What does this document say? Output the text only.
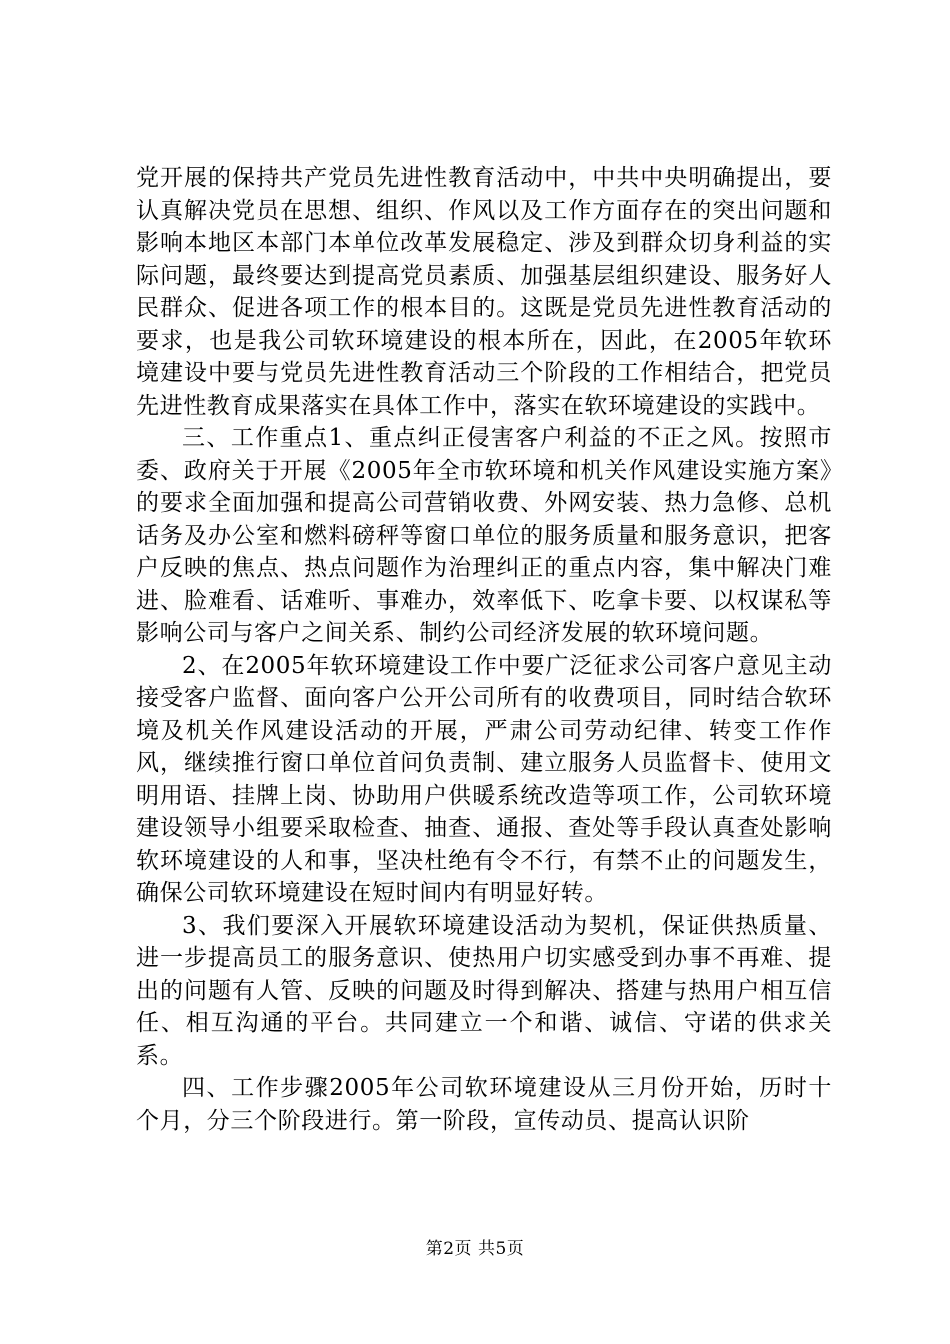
党开展的保持共产党员先进性教育活动中，中共中央明确提出，要认真解决党员在思想、组织、作风以及工作方面存在的突出问题和影响本地区本部门本单位改革发展稳定、涉及到群众切身利益的实际问题，最终要达到提高党员素质、加强基层组织建设、服务好人民群众、促进各项工作的根本目的。这既是党员先进性教育活动的要求，也是我公司软环境建设的根本所在，因此，在2005年软环境建设中要与党员先进性教育活动三个阶段的工作相结合，把党员先进性教育成果落实在具体工作中，落实在软环境建设的实践中。

三、工作重点1、重点纠正侵害客户利益的不正之风。按照市委、政府关于开展《2005年全市软环境和机关作风建设实施方案》的要求全面加强和提高公司营销收费、外网安装、热力急修、总机话务及办公室和燃料磅秤等窗口单位的服务质量和服务意识，把客户反映的焦点、热点问题作为治理纠正的重点内容，集中解决门难进、脸难看、话难听、事难办，效率低下、吃拿卡要、以权谋私等影响公司与客户之间关系、制约公司经济发展的软环境问题。

2、在2005年软环境建设工作中要广泛征求公司客户意见主动接受客户监督、面向客户公开公司所有的收费项目，同时结合软环境及机关作风建设活动的开展，严肃公司劳动纪律、转变工作作风，继续推行窗口单位首问负责制、建立服务人员监督卡、使用文明用语、挂牌上岗、协助用户供暖系统改造等项工作，公司软环境建设领导小组要采取检查、抽查、通报、查处等手段认真查处影响软环境建设的人和事，坚决杜绝有令不行，有禁不止的问题发生，确保公司软环境建设在短时间内有明显好转。

3、我们要深入开展软环境建设活动为契机，保证供热质量、进一步提高员工的服务意识、使热用户切实感受到办事不再难、提出的问题有人管、反映的问题及时得到解决、搭建与热用户相互信任、相互沟通的平台。共同建立一个和谐、诚信、守诺的供求关系。

四、工作步骤2005年公司软环境建设从三月份开始，历时十个月，分三个阶段进行。第一阶段，宣传动员、提高认识阶

第2页 共5页
